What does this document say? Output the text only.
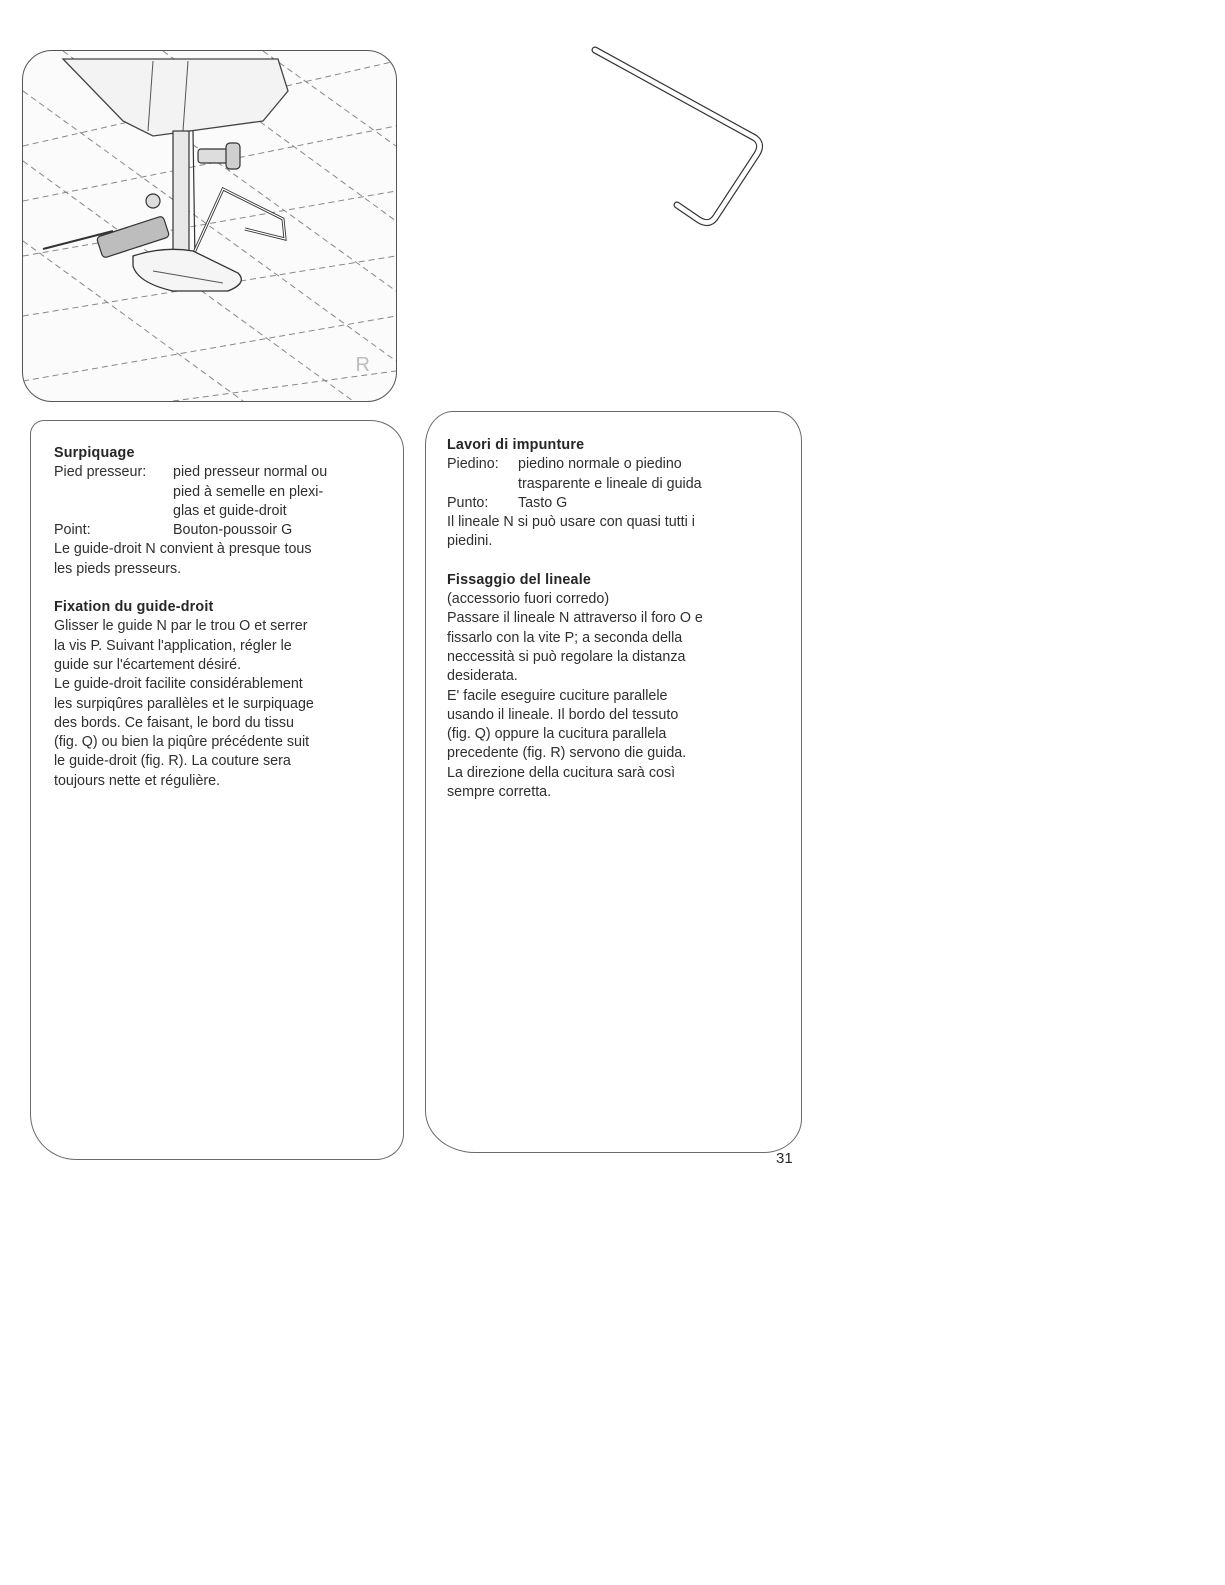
R
Surpiquage
Pied presseur:	pied presseur normal ou
pied à semelle en plexi-
glas et guide-droit
Point:	Bouton-poussoir G
Le guide-droit N convient à presque tous
les pieds presseurs.
Fixation du guide-droit
Glisser le guide N par le trou O et serrer
la vis P. Suivant l'application, régler le
guide sur l'écartement désiré.
Le guide-droit facilite considérablement
les surpiqûres parallèles et le surpiquage
des bords. Ce faisant, le bord du tissu
(fig. Q) ou bien la piqûre précédente suit
le guide-droit (fig. R). La couture sera
toujours nette et régulière.
Lavori di impunture
Piedino:	piedino normale o piedino
trasparente e lineale di guida
Punto:	Tasto G
Il lineale N si può usare con quasi tutti i
piedini.
Fissaggio del lineale
(accessorio fuori corredo)
Passare il lineale N attraverso il foro O e
fissarlo con la vite P; a seconda della
neccessità si può regolare la distanza
desiderata.
E' facile eseguire cuciture parallele
usando il lineale. Il bordo del tessuto
(fig. Q) oppure la cucitura parallela
precedente (fig. R) servono die guida.
La direzione della cucitura sarà così
sempre corretta.
31
